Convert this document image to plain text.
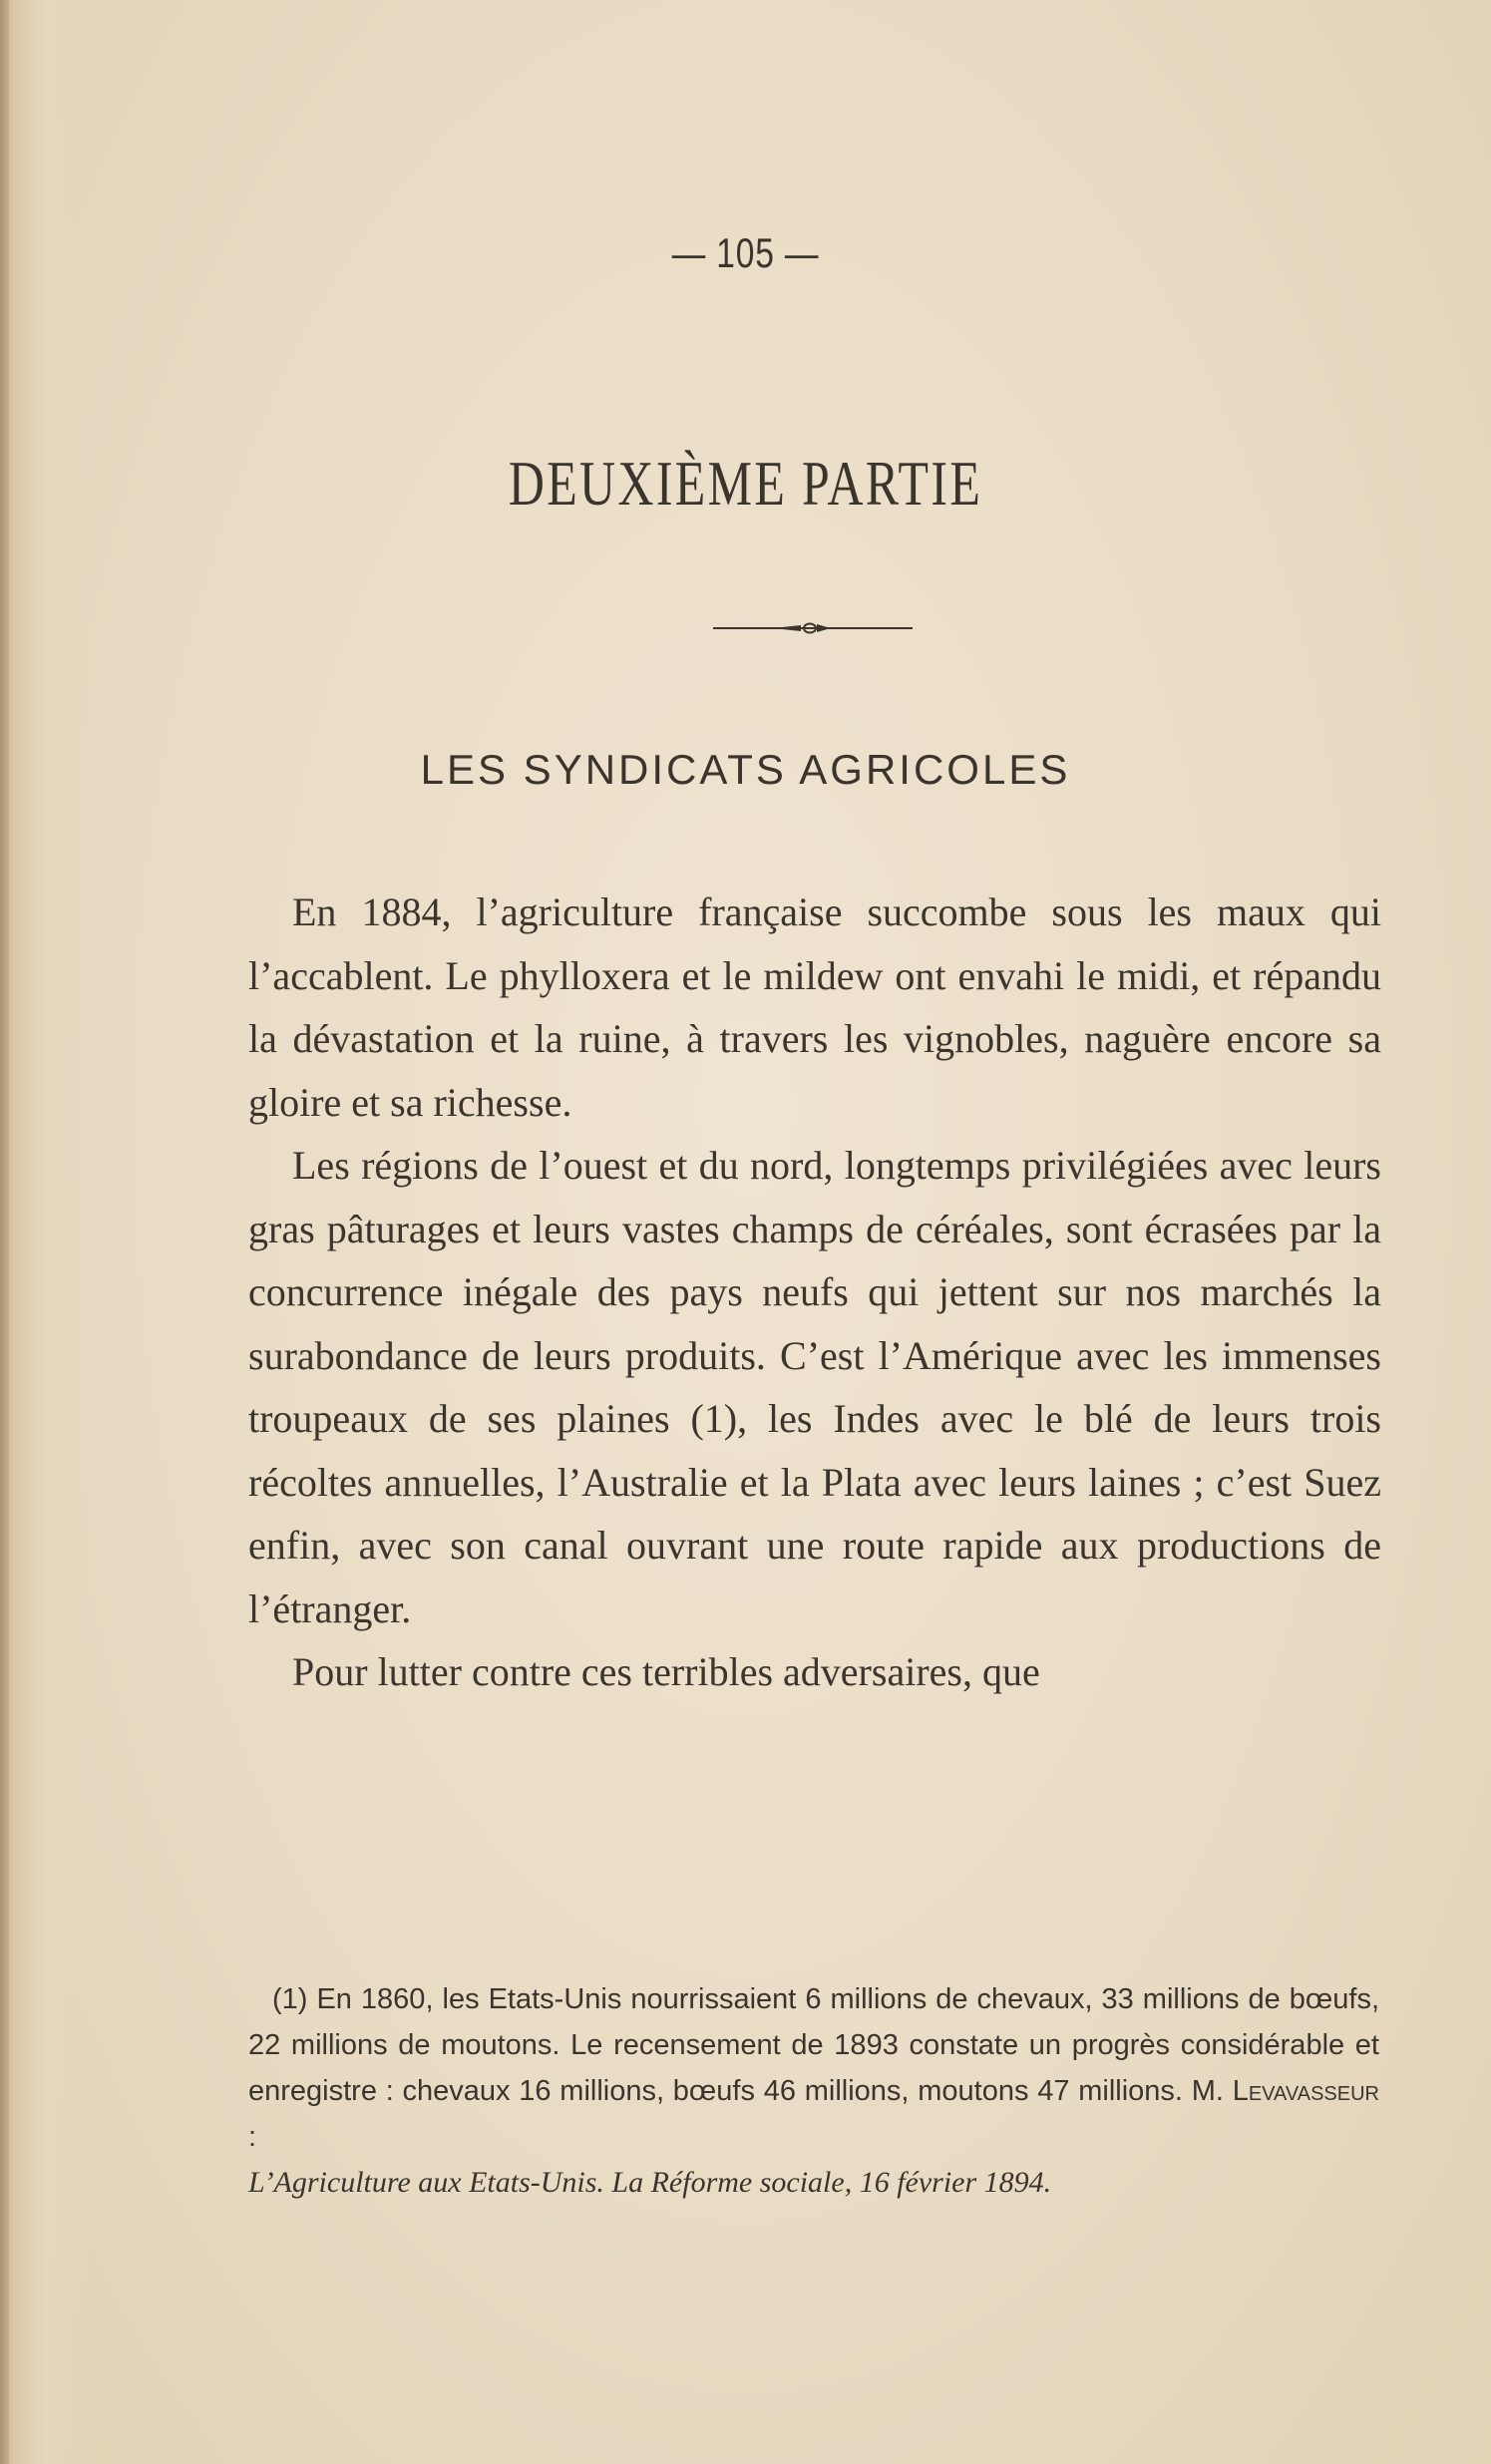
— 105 —
DEUXIÈME PARTIE
LES SYNDICATS AGRICOLES

En 1884, l’agriculture française succombe sous les maux qui l’accablent. Le phylloxera et le mildew ont envahi le midi, et répandu la dévastation et la ruine, à travers les vignobles, naguère encore sa gloire et sa richesse.

Les régions de l’ouest et du nord, longtemps privilégiées avec leurs gras pâturages et leurs vastes champs de céréales, sont écrasées par la concurrence inégale des pays neufs qui jettent sur nos marchés la surabondance de leurs produits. C’est l’Amérique avec les immenses troupeaux de ses plaines (1), les Indes avec le blé de leurs trois récoltes annuelles, l’Australie et la Plata avec leurs laines ; c’est Suez enfin, avec son canal ouvrant une route rapide aux productions de l’étranger.

Pour lutter contre ces terribles adversaires, que

(1) En 1860, les Etats-Unis nourrissaient 6 millions de chevaux, 33 millions de bœufs, 22 millions de moutons. Le recensement de 1893 constate un progrès considérable et enregistre : chevaux 16 millions, bœufs 46 millions, moutons 47 millions. M. Levavasseur :
L’Agriculture aux Etats-Unis. La Réforme sociale, 16 février 1894.
